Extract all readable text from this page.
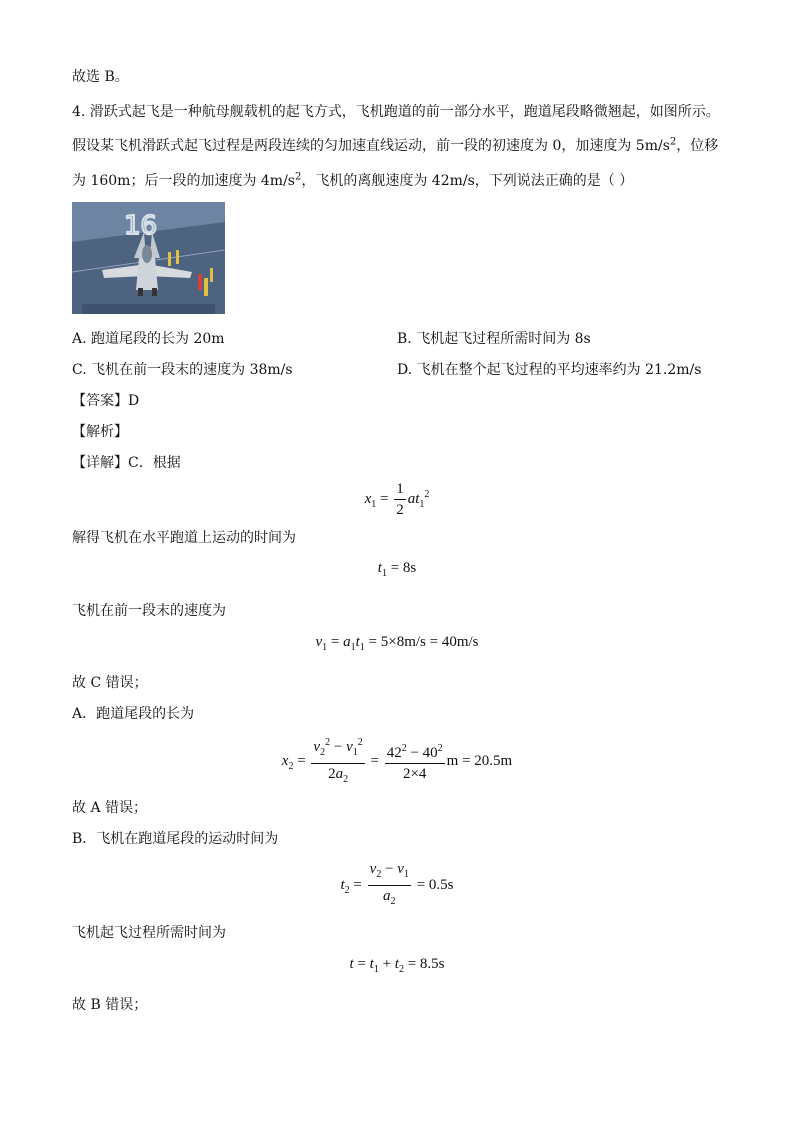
故选 B。
4. 滑跃式起飞是一种航母舰载机的起飞方式，飞机跑道的前一部分水平，跑道尾段略微翘起，如图所示。
假设某飞机滑跃式起飞过程是两段连续的匀加速直线运动，前一段的初速度为 0，加速度为 $5m/s^2$，位移
为 160m；后一段的加速度为 $4m/s^2$，飞机的离舰速度为 42m/s，下列说法正确的是（ ）
16
A. 跑道尾段的长为 20m	B. 飞机起飞过程所需时间为 8s
C. 飞机在前一段末的速度为 38m/s	D. 飞机在整个起飞过程的平均速率约为 21.2m/s
【答案】D
【解析】
【详解】C．根据
$x_1 = \frac{1}{2} at_1^2$
解得飞机在水平跑道上运动的时间为
$t_1 = 8s$
飞机在前一段末的速度为
$v_1 = a_1t_1 = 5\times 8m/s = 40m/s$
故 C 错误；
A．跑道尾段的长为
$x_2 = \frac{v_2^2 - v_1^2}{2a_2} = \frac{42^2 - 40^2}{2\times 4}$ m = 20.5m
故 A 错误；
B．飞机在跑道尾段的运动时间为
$t_2 = \frac{v_2 - v_1}{a_2} = 0.5s$
飞机起飞过程所需时间为
$t = t_1 + t_2 = 8.5s$
故 B 错误；
